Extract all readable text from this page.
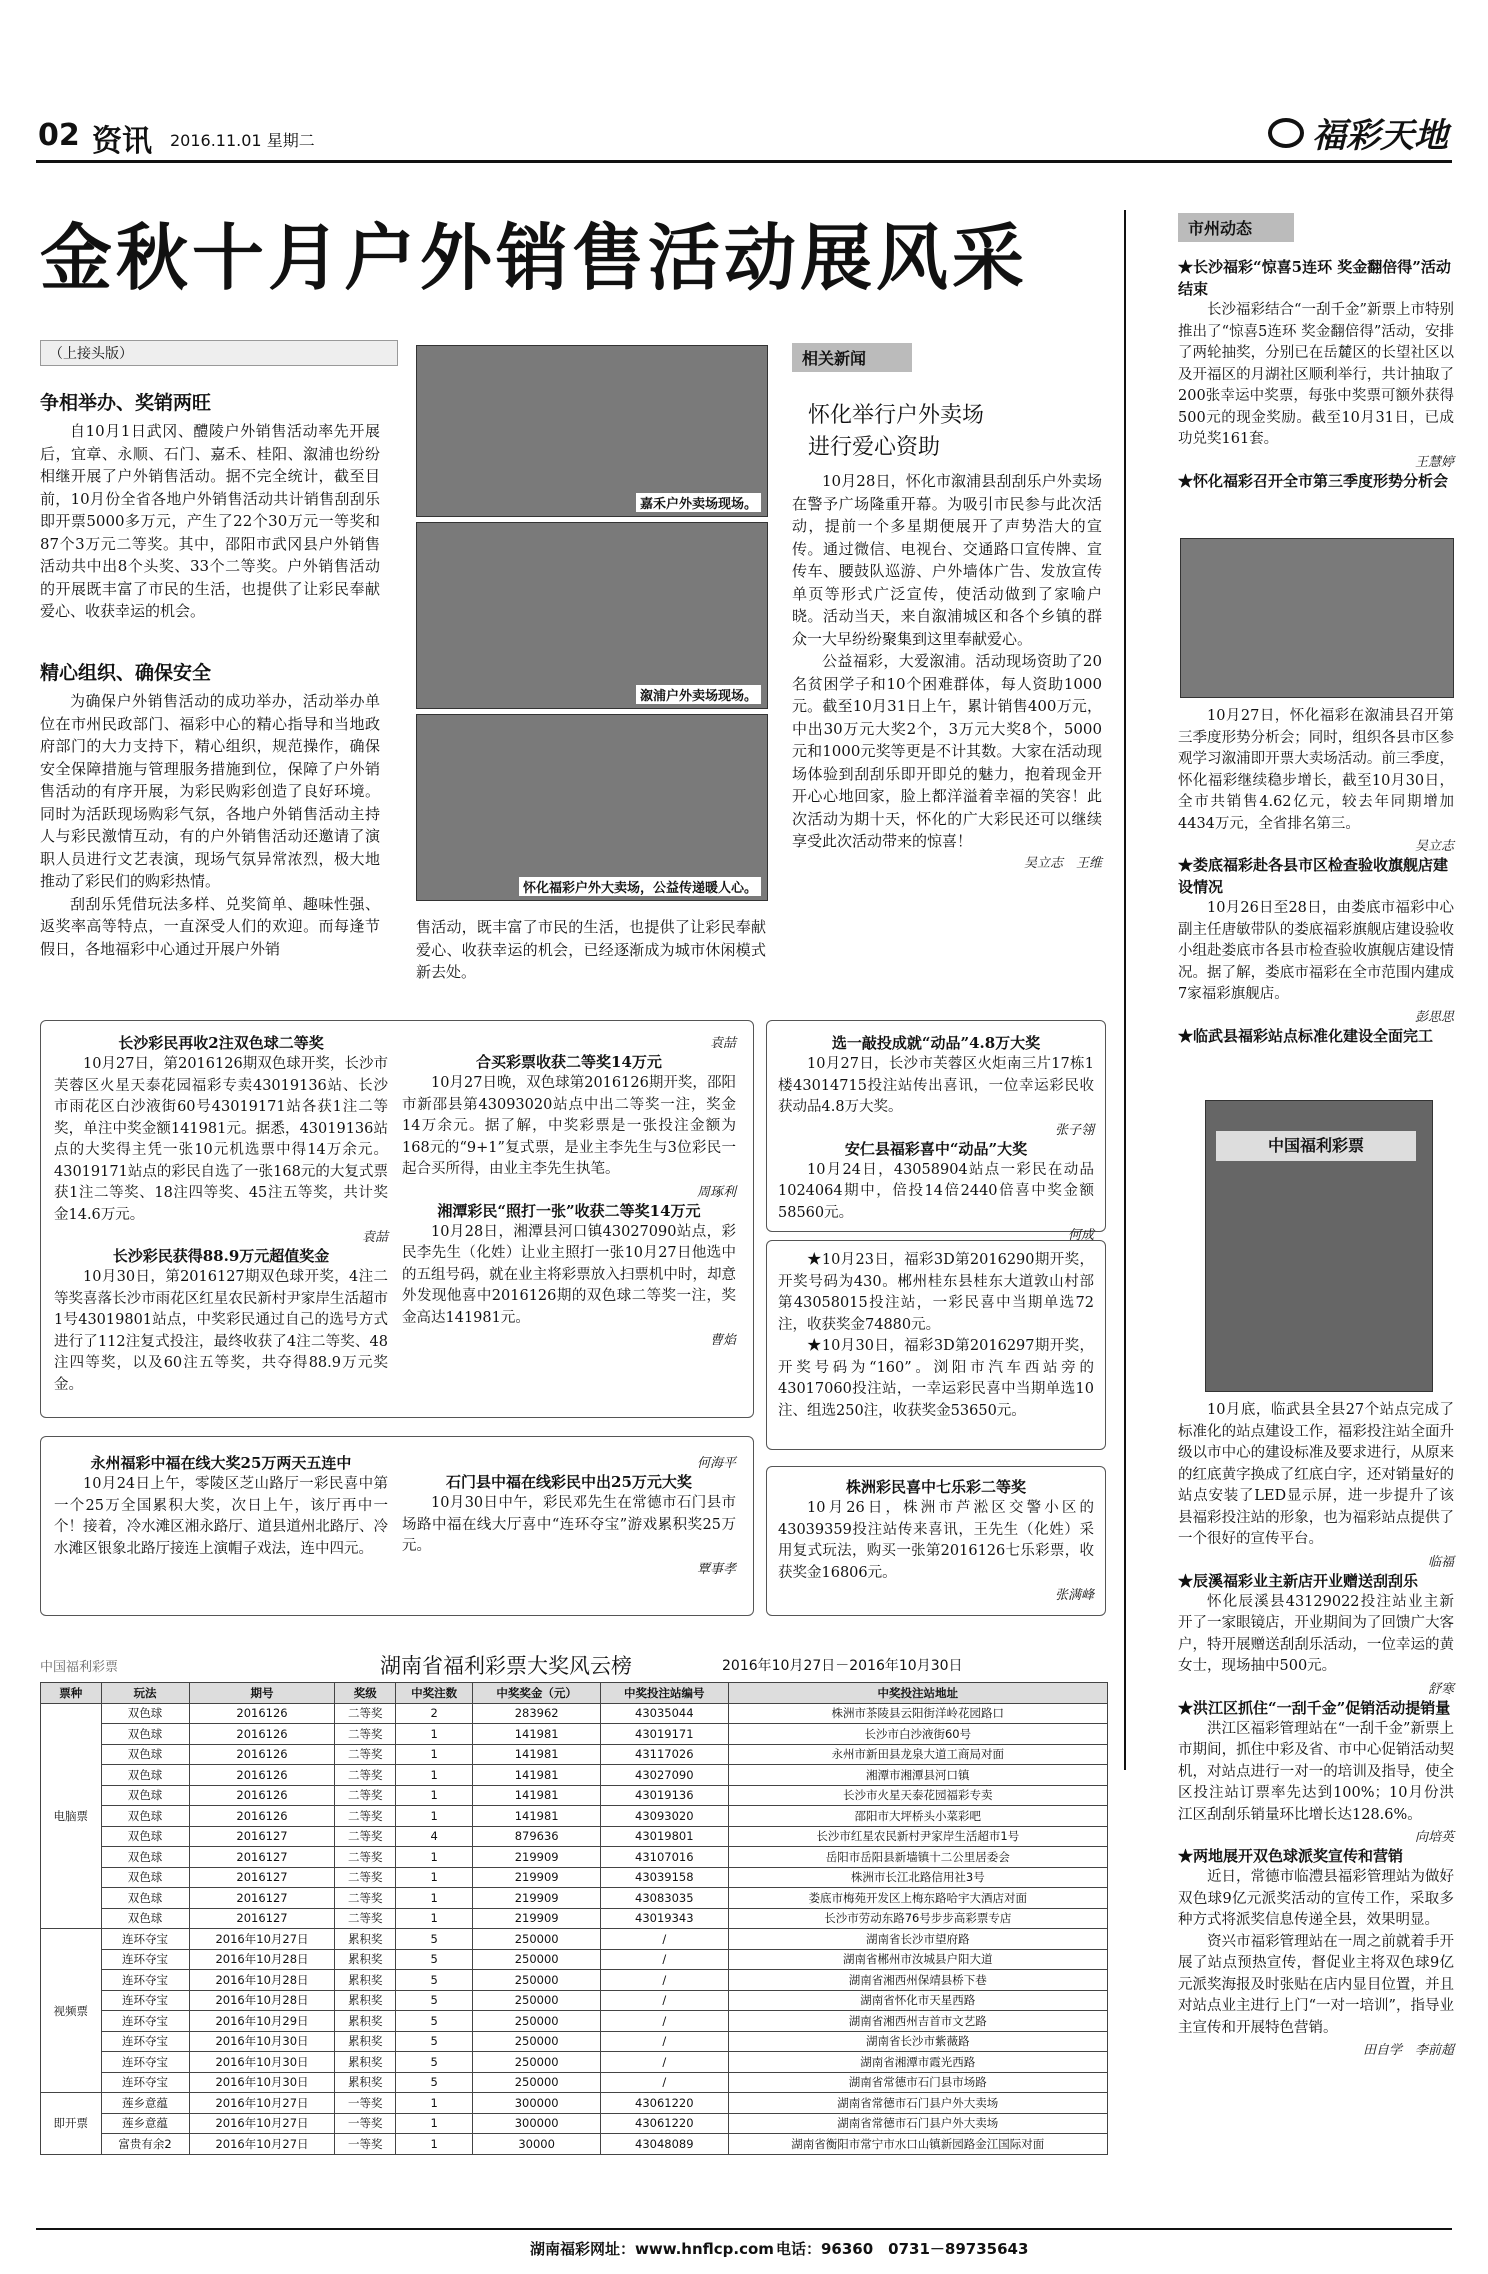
02 资讯 2016.11.01 星期二	福彩天地
金秋十月户外销售活动展风采
（上接头版）
争相举办、奖销两旺

自10月1日武冈、醴陵户外销售活动率先开展后，宜章、永顺、石门、嘉禾、桂阳、溆浦也纷纷相继开展了户外销售活动。据不完全统计，截至目前，10月份全省各地户外销售活动共计销售刮刮乐即开票5000多万元，产生了22个30万元一等奖和87个3万元二等奖。其中，邵阳市武冈县户外销售活动共中出8个头奖、33个二等奖。户外销售活动的开展既丰富了市民的生活，也提供了让彩民奉献爱心、收获幸运的机会。

精心组织、确保安全

为确保户外销售活动的成功举办，活动举办单位在市州民政部门、福彩中心的精心指导和当地政府部门的大力支持下，精心组织，规范操作，确保安全保障措施与管理服务措施到位，保障了户外销售活动的有序开展，为彩民购彩创造了良好环境。同时为活跃现场购彩气氛，各地户外销售活动主持人与彩民激情互动，有的户外销售活动还邀请了演职人员进行文艺表演，现场气氛异常浓烈，极大地推动了彩民们的购彩热情。

刮刮乐凭借玩法多样、兑奖简单、趣味性强、返奖率高等特点，一直深受人们的欢迎。而每逢节假日，各地福彩中心通过开展户外销

嘉禾户外卖场现场。
溆浦户外卖场现场。
怀化福彩户外大卖场，公益传递暖人心。

售活动，既丰富了市民的生活，也提供了让彩民奉献爱心、收获幸运的机会，已经逐渐成为城市休闲模式新去处。

相关新闻
怀化举行户外卖场
进行爱心资助

10月28日，怀化市溆浦县刮刮乐户外卖场在警予广场隆重开幕。为吸引市民参与此次活动，提前一个多星期便展开了声势浩大的宣传。通过微信、电视台、交通路口宣传牌、宣传车、腰鼓队巡游、户外墙体广告、发放宣传单页等形式广泛宣传，使活动做到了家喻户晓。活动当天，来自溆浦城区和各个乡镇的群众一大早纷纷聚集到这里奉献爱心。

公益福彩，大爱溆浦。活动现场资助了20名贫困学子和10个困难群体，每人资助1000元。截至10月31日上午，累计销售400万元，中出30万元大奖2个，3万元大奖8个，5000元和1000元奖等更是不计其数。大家在活动现场体验到刮刮乐即开即兑的魅力，抱着现金开开心心地回家，脸上都洋溢着幸福的笑容！此次活动为期十天，怀化的广大彩民还可以继续享受此次活动带来的惊喜！

吴立志　王维
长沙彩民再收2注双色球二等奖

10月27日，第2016126期双色球开奖，长沙市芙蓉区火星天泰花园福彩专卖43019136站、长沙市雨花区白沙液街60号43019171站各获1注二等奖，单注中奖金额141981元。据悉，43019136站点的大奖得主凭一张10元机选票中得14万余元。43019171站点的彩民自选了一张168元的大复式票获1注二等奖、18注四等奖、45注五等奖，共计奖金14.6万元。

袁喆
长沙彩民获得88.9万元超值奖金

10月30日，第2016127期双色球开奖，4注二等奖喜落长沙市雨花区红星农民新村尹家岸生活超市1号43019801站点，中奖彩民通过自己的选号方式进行了112注复式投注，最终收获了4注二等奖、48注四等奖，以及60注五等奖，共夺得88.9万元奖金。

袁喆
合买彩票收获二等奖14万元

10月27日晚，双色球第2016126期开奖，邵阳市新邵县第43093020站点中出二等奖一注，奖金14万余元。据了解，中奖彩票是一张投注金额为168元的“9+1”复式票，是业主李先生与3位彩民一起合买所得，由业主李先生执笔。

周琢利
湘潭彩民“照打一张”收获二等奖14万元

10月28日，湘潭县河口镇43027090站点，彩民李先生（化姓）让业主照打一张10月27日他选中的五组号码，就在业主将彩票放入扫票机中时，却意外发现他喜中2016126期的双色球二等奖一注，奖金高达141981元。

曹焰
选一敲投成就“动品”4.8万大奖

10月27日，长沙市芙蓉区火炬南三片17栋1楼43014715投注站传出喜讯，一位幸运彩民收获动品4.8万大奖。

张子翎
安仁县福彩喜中“动品”大奖

10月24日，43058904站点一彩民在动品1024064期中，倍投14倍2440倍喜中奖金额58560元。

何成

★10月23日，福彩3D第2016290期开奖，开奖号码为430。郴州桂东县桂东大道敦山村部第43058015投注站，一彩民喜中当期单选72注，收获奖金74880元。

★10月30日，福彩3D第2016297期开奖，开奖号码为“160”。浏阳市汽车西站旁的43017060投注站，一幸运彩民喜中当期单选10注、组选250注，收获奖金53650元。

永州福彩中福在线大奖25万两天五连中

10月24日上午，零陵区芝山路厅一彩民喜中第一个25万全国累积大奖，次日上午，该厅再中一个！接着，冷水滩区湘永路厅、道县道州北路厅、冷水滩区银象北路厅接连上演帽子戏法，连中四元。

何海平
石门县中福在线彩民中出25万元大奖

10月30日中午，彩民邓先生在常德市石门县市场路中福在线大厅喜中“连环夺宝”游戏累积奖25万元。

覃事孝
株洲彩民喜中七乐彩二等奖

10月26日，株洲市芦淞区交警小区的43039359投注站传来喜讯，王先生（化姓）采用复式玩法，购买一张第2016126七乐彩票，收获奖金16806元。

张满峰
市州动态
★长沙福彩“惊喜5连环 奖金翻倍得”活动结束

长沙福彩结合“一刮千金”新票上市特别推出了“惊喜5连环 奖金翻倍得”活动，安排了两轮抽奖，分别已在岳麓区的长望社区以及开福区的月湖社区顺利举行，共计抽取了200张幸运中奖票，每张中奖票可额外获得500元的现金奖励。截至10月31日，已成功兑奖161套。

王慧婷
★怀化福彩召开全市第三季度形势分析会

10月27日，怀化福彩在溆浦县召开第三季度形势分析会；同时，组织各县市区参观学习溆浦即开票大卖场活动。前三季度，怀化福彩继续稳步增长，截至10月30日，全市共销售4.62亿元，较去年同期增加4434万元，全省排名第三。

吴立志
★娄底福彩赴各县市区检查验收旗舰店建设情况

10月26日至28日，由娄底市福彩中心副主任唐敏带队的娄底福彩旗舰店建设验收小组赴娄底市各县市检查验收旗舰店建设情况。据了解，娄底市福彩在全市范围内建成7家福彩旗舰店。

彭思思
★临武县福彩站点标准化建设全面完工
中国福利彩票

10月底，临武县全县27个站点完成了标准化的站点建设工作，福彩投注站全面升级以市中心的建设标准及要求进行，从原来的红底黄字换成了红底白字，还对销量好的站点安装了LED显示屏，进一步提升了该县福彩投注站的形象，也为福彩站点提供了一个很好的宣传平台。

临福
★辰溪福彩业主新店开业赠送刮刮乐

怀化辰溪县43129022投注站业主新开了一家眼镜店，开业期间为了回馈广大客户，特开展赠送刮刮乐活动，一位幸运的黄女士，现场抽中500元。

舒寒
★洪江区抓住“一刮千金”促销活动提销量

洪江区福彩管理站在“一刮千金”新票上市期间，抓住中彩及省、市中心促销活动契机，对站点进行一对一的培训及指导，使全区投注站订票率先达到100%；10月份洪江区刮刮乐销量环比增长达128.6%。

向培英
★两地展开双色球派奖宣传和营销

近日，常德市临澧县福彩管理站为做好双色球9亿元派奖活动的宣传工作，采取多种方式将派奖信息传递全县，效果明显。

资兴市福彩管理站在一周之前就着手开展了站点预热宣传，督促业主将双色球9亿元派奖海报及时张贴在店内显目位置，并且对站点业主进行上门“一对一培训”，指导业主宣传和开展特色营销。

田自学　李前超
中国福利彩票	湖南省福利彩票大奖风云榜	2016年10月27日－2016年10月30日
票种	玩法	期号	奖级	中奖注数	中奖奖金（元）	中奖投注站编号	中奖投注站地址
电脑票	双色球	2016126	二等奖	2	283962	43035044	株洲市茶陵县云阳街洋岭花园路口
	双色球	2016126	二等奖	1	141981	43019171	长沙市白沙液街60号
	双色球	2016126	二等奖	1	141981	43117026	永州市新田县龙泉大道工商局对面
	双色球	2016126	二等奖	1	141981	43027090	湘潭市湘潭县河口镇
	双色球	2016126	二等奖	1	141981	43019136	长沙市火星天泰花园福彩专卖
	双色球	2016126	二等奖	1	141981	43093020	邵阳市大坪桥头小菜彩吧
	双色球	2016127	二等奖	4	879636	43019801	长沙市红星农民新村尹家岸生活超市1号
	双色球	2016127	二等奖	1	219909	43107016	岳阳市岳阳县新墙镇十二公里居委会
	双色球	2016127	二等奖	1	219909	43039158	株洲市长江北路信用社3号
	双色球	2016127	二等奖	1	219909	43083035	娄底市梅苑开发区上梅东路哈宇大酒店对面
	双色球	2016127	二等奖	1	219909	43019343	长沙市劳动东路76号步步高彩票专店
视频票	连环夺宝	2016年10月27日	累积奖	5	250000	/	湖南省长沙市望府路
	连环夺宝	2016年10月28日	累积奖	5	250000	/	湖南省郴州市汝城县户阳大道
	连环夺宝	2016年10月28日	累积奖	5	250000	/	湖南省湘西州保靖县桥下巷
	连环夺宝	2016年10月28日	累积奖	5	250000	/	湖南省怀化市天星西路
	连环夺宝	2016年10月29日	累积奖	5	250000	/	湖南省湘西州吉首市文艺路
	连环夺宝	2016年10月30日	累积奖	5	250000	/	湖南省长沙市紫薇路
	连环夺宝	2016年10月30日	累积奖	5	250000	/	湖南省湘潭市霞光西路
	连环夺宝	2016年10月30日	累积奖	5	250000	/	湖南省常德市石门县市场路
即开票	莲乡意蕴	2016年10月27日	一等奖	1	300000	43061220	湖南省常德市石门县户外大卖场
	莲乡意蕴	2016年10月27日	一等奖	1	300000	43061220	湖南省常德市石门县户外大卖场
	富贵有余2	2016年10月27日	一等奖	1	30000	43048089	湖南省衡阳市常宁市水口山镇新园路金江国际对面
湖南福彩网址：www.hnflcp.com 电话：96360　0731－89735643
